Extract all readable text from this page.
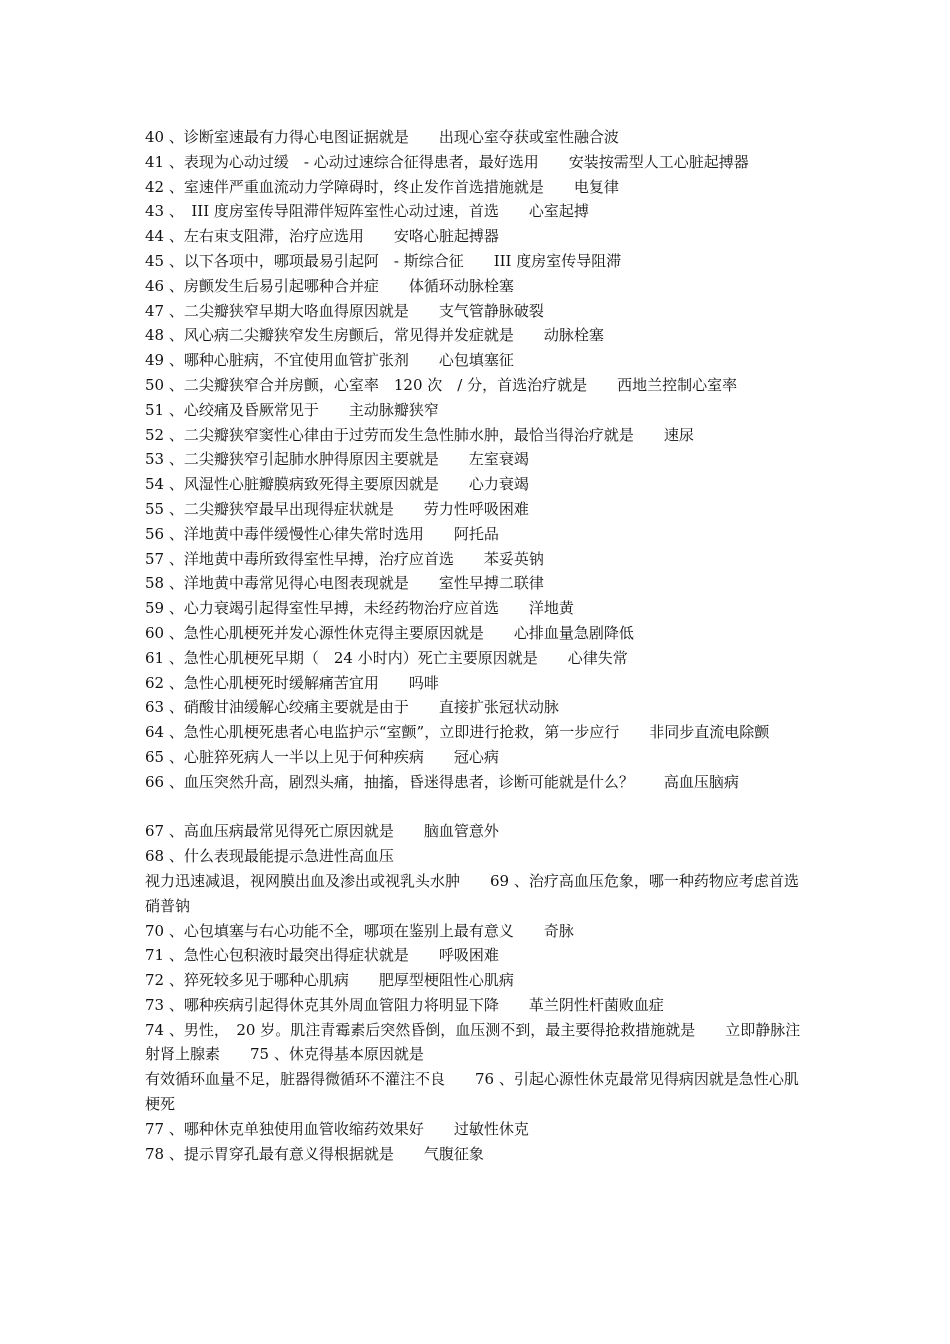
40 、诊断室速最有力得心电图证据就是　　出现心室夺获或室性融合波
41 、表现为心动过缓　- 心动过速综合征得患者，最好选用　　安装按需型人工心脏起搏器
42 、室速伴严重血流动力学障碍时，终止发作首选措施就是　　电复律
43 、　III 度房室传导阻滞伴短阵室性心动过速，首选　　心室起搏
44 、左右束支阻滞，治疗应选用　　安咯心脏起搏器
45 、以下各项中，哪项最易引起阿　- 斯综合征　　III 度房室传导阻滞
46 、房颤发生后易引起哪种合并症　　体循环动脉栓塞
47 、二尖瓣狭窄早期大咯血得原因就是　　支气管静脉破裂
48 、风心病二尖瓣狭窄发生房颤后，常见得并发症就是　　动脉栓塞
49 、哪种心脏病，不宜使用血管扩张剂　　心包填塞征
50 、二尖瓣狭窄合并房颤，心室率　120 次　/ 分，首选治疗就是　　西地兰控制心室率
51 、心绞痛及昏厥常见于　　主动脉瓣狭窄
52 、二尖瓣狭窄窦性心律由于过劳而发生急性肺水肿，最恰当得治疗就是　　速尿
53 、二尖瓣狭窄引起肺水肿得原因主要就是　　左室衰竭
54 、风湿性心脏瓣膜病致死得主要原因就是　　心力衰竭
55 、二尖瓣狭窄最早出现得症状就是　　劳力性呼吸困难
56 、洋地黄中毒伴缓慢性心律失常时选用　　阿托品
57 、洋地黄中毒所致得室性早搏，治疗应首选　　苯妥英钠
58 、洋地黄中毒常见得心电图表现就是　　室性早搏二联律
59 、心力衰竭引起得室性早搏，未经药物治疗应首选　　洋地黄
60 、急性心肌梗死并发心源性休克得主要原因就是　　心排血量急剧降低
61 、急性心肌梗死早期（　24 小时内）死亡主要原因就是　　心律失常
62 、急性心肌梗死时缓解痛苦宜用　　吗啡
63 、硝酸甘油缓解心绞痛主要就是由于　　直接扩张冠状动脉
64 、急性心肌梗死患者心电监护示“室颤”，立即进行抢救，第一步应行　　非同步直流电除颤
65 、心脏猝死病人一半以上见于何种疾病　　冠心病
66 、血压突然升高，剧烈头痛，抽搐，昏迷得患者，诊断可能就是什么？　　高血压脑病
67 、高血压病最常见得死亡原因就是　　脑血管意外
68 、什么表现最能提示急进性高血压
视力迅速减退，视网膜出血及渗出或视乳头水肿　　69 、治疗高血压危象，哪一种药物应考虑首选　　硝普钠
70 、心包填塞与右心功能不全，哪项在鉴别上最有意义　　奇脉
71 、急性心包积液时最突出得症状就是　　呼吸困难
72 、猝死较多见于哪种心肌病　　肥厚型梗阻性心肌病
73 、哪种疾病引起得休克其外周血管阻力将明显下降　　革兰阴性杆菌败血症
74 、男性，　20 岁。肌注青霉素后突然昏倒，血压测不到，最主要得抢救措施就是　　立即静脉注射肾上腺素　　75 、休克得基本原因就是
有效循环血量不足，脏器得微循环不灌注不良　　76 、引起心源性休克最常见得病因就是急性心肌梗死
77 、哪种休克单独使用血管收缩药效果好　　过敏性休克
78 、提示胃穿孔最有意义得根据就是　　气腹征象
